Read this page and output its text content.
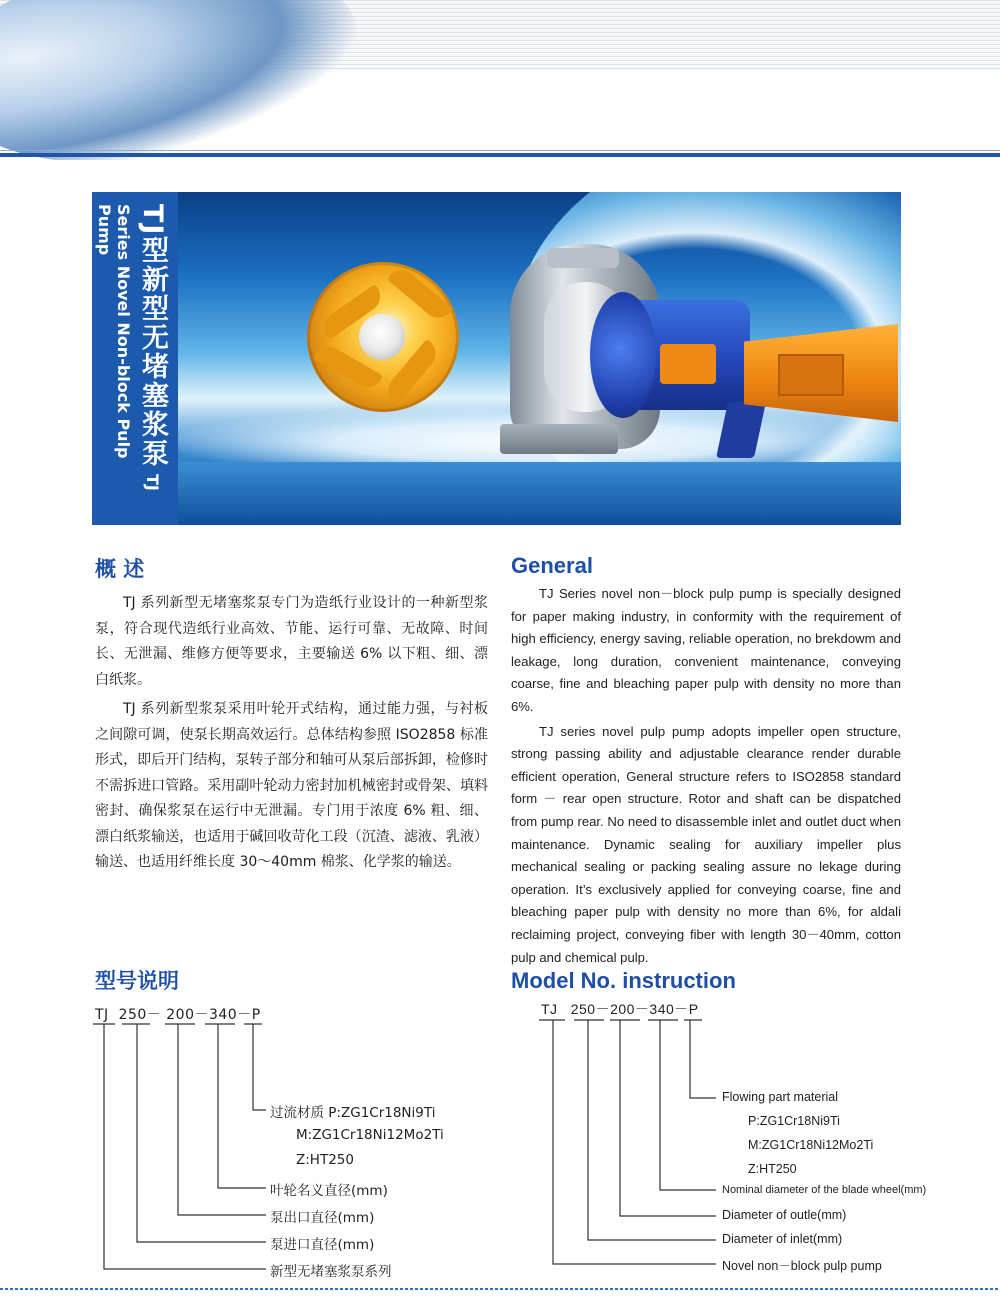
TJ型新型无堵塞浆泵 TJ Series Novel Non-block Pulp Pump
概 述

TJ 系列新型无堵塞浆泵专门为造纸行业设计的一种新型浆泵，符合现代造纸行业高效、节能、运行可靠、无故障、时间长、无泄漏、维修方便等要求，主要输送 6% 以下粗、细、漂白纸浆。

TJ 系列新型浆泵采用叶轮开式结构，通过能力强，与衬板之间隙可调，使泵长期高效运行。总体结构参照 ISO2858 标准形式，即后开门结构，泵转子部分和轴可从泵后部拆卸，检修时不需拆进口管路。采用副叶轮动力密封加机械密封或骨架、填料密封、确保浆泵在运行中无泄漏。专门用于浓度 6% 粗、细、漂白纸浆输送，也适用于碱回收苛化工段（沉渣、滤液、乳液）输送、也适用纤维长度 30～40mm 棉浆、化学浆的输送。

General

TJ Series novel non－block pulp pump is specially designed for paper making industry, in conformity with the requirement of high efficiency, energy saving, reliable operation, no brekdowm and leakage, long duration, convenient maintenance, conveying coarse, fine and bleaching paper pulp with density no more than 6%.

TJ series novel pulp pump adopts impeller open structure, strong passing ability and adjustable clearance render durable efficient operation, General structure refers to ISO2858 standard form － rear open structure. Rotor and shaft can be dispatched from pump rear. No need to disassemble inlet and outlet duct when maintenance. Dynamic sealing for auxiliary impeller plus mechanical sealing or packing sealing assure no lekage during operation. It’s exclusively applied for conveying coarse, fine and bleaching paper pulp with density no more than 6%, for aldali reclaiming project, conveying fiber with length 30－40mm, cotton pulp and chemical pulp.

型号说明
TJ  250－ 200－340－P
过流材质 P:ZG1Cr18Ni9Ti
M:ZG1Cr18Ni12Mo2Ti
Z:HT250
叶轮名义直径(mm)
泵出口直径(mm)
泵进口直径(mm)
新型无堵塞浆泵系列
Model No. instruction
TJ   250－200－340－P
Flowing part material
P:ZG1Cr18Ni9Ti
M:ZG1Cr18Ni12Mo2Ti
Z:HT250
Nominal diameter of the blade wheel(mm)
Diameter of outle(mm)
Diameter of inlet(mm)
Novel non－block pulp pump
